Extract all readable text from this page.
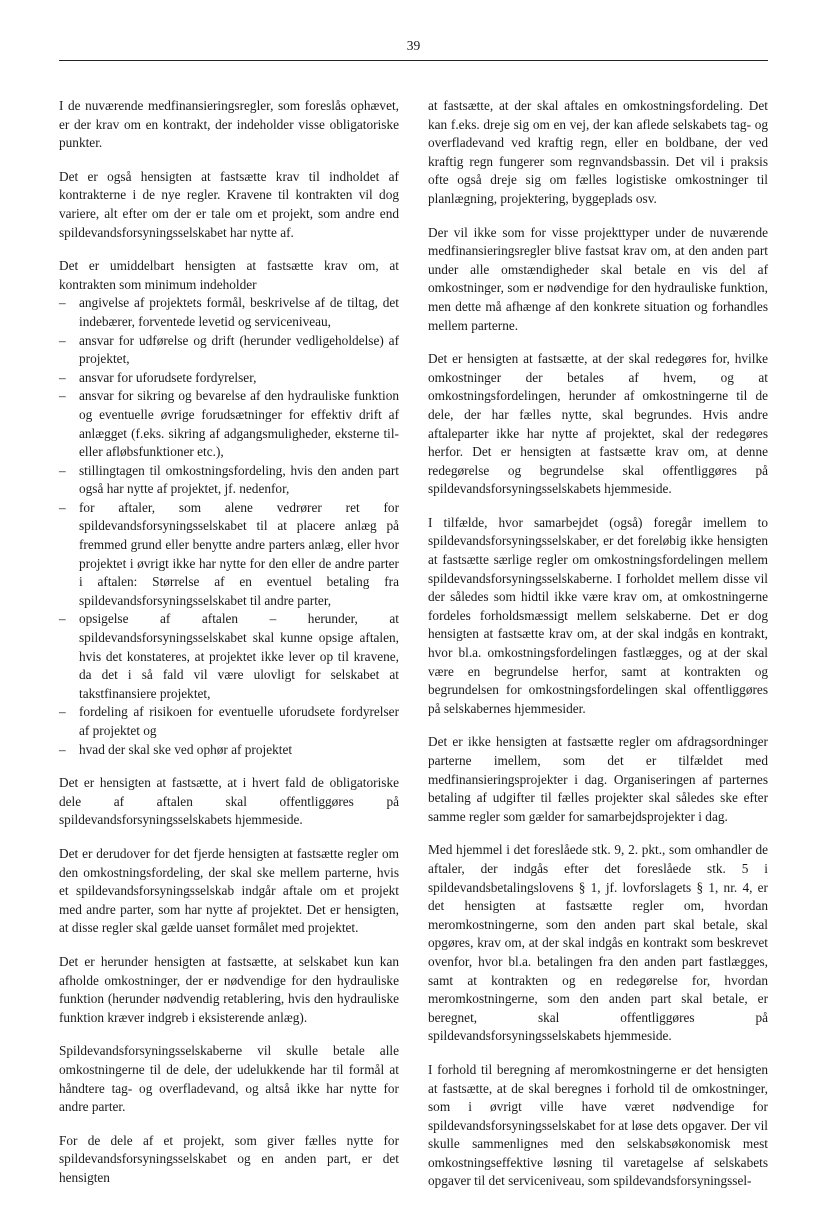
39

I de nuværende medfinansieringsregler, som foreslås ophævet, er der krav om en kontrakt, der indeholder visse obligatoriske punkter.

Det er også hensigten at fastsætte krav til indholdet af kontrakterne i de nye regler. Kravene til kontrakten vil dog variere, alt efter om der er tale om et projekt, som andre end spildevandsforsyningsselskabet har nytte af.

Det er umiddelbart hensigten at fastsætte krav om, at kontrakten som minimum indeholder

– angivelse af projektets formål, beskrivelse af de tiltag, det indebærer, forventede levetid og serviceniveau,
– ansvar for udførelse og drift (herunder vedligeholdelse) af projektet,
– ansvar for uforudsete fordyrelser,
– ansvar for sikring og bevarelse af den hydrauliske funktion og eventuelle øvrige forudsætninger for effektiv drift af anlægget (f.eks. sikring af adgangsmuligheder, eksterne til- eller afløbsfunktioner etc.),
– stillingtagen til omkostningsfordeling, hvis den anden part også har nytte af projektet, jf. nedenfor,
– for aftaler, som alene vedrører ret for spildevandsforsyningsselskabet til at placere anlæg på fremmed grund eller benytte andre parters anlæg, eller hvor projektet i øvrigt ikke har nytte for den eller de andre parter i aftalen: Størrelse af en eventuel betaling fra spildevandsforsyningsselskabet til andre parter,
– opsigelse af aftalen – herunder, at spildevandsforsyningsselskabet skal kunne opsige aftalen, hvis det konstateres, at projektet ikke lever op til kravene, da det i så fald vil være ulovligt for selskabet at takstfinansiere projektet,
– fordeling af risikoen for eventuelle uforudsete fordyrelser af projektet og
– hvad der skal ske ved ophør af projektet

Det er hensigten at fastsætte, at i hvert fald de obligatoriske dele af aftalen skal offentliggøres på spildevandsforsyningsselskabets hjemmeside.

Det er derudover for det fjerde hensigten at fastsætte regler om den omkostningsfordeling, der skal ske mellem parterne, hvis et spildevandsforsyningsselskab indgår aftale om et projekt med andre parter, som har nytte af projektet. Det er hensigten, at disse regler skal gælde uanset formålet med projektet.

Det er herunder hensigten at fastsætte, at selskabet kun kan afholde omkostninger, der er nødvendige for den hydrauliske funktion (herunder nødvendig retablering, hvis den hydrauliske funktion kræver indgreb i eksisterende anlæg).

Spildevandsforsyningsselskaberne vil skulle betale alle omkostningerne til de dele, der udelukkende har til formål at håndtere tag- og overfladevand, og altså ikke har nytte for andre parter.

For de dele af et projekt, som giver fælles nytte for spildevandsforsyningsselskabet og en anden part, er det hensigten

at fastsætte, at der skal aftales en omkostningsfordeling. Det kan f.eks. dreje sig om en vej, der kan aflede selskabets tag- og overfladevand ved kraftig regn, eller en boldbane, der ved kraftig regn fungerer som regnvandsbassin. Det vil i praksis ofte også dreje sig om fælles logistiske omkostninger til planlægning, projektering, byggeplads osv.

Der vil ikke som for visse projekttyper under de nuværende medfinansieringsregler blive fastsat krav om, at den anden part under alle omstændigheder skal betale en vis del af omkostninger, som er nødvendige for den hydrauliske funktion, men dette må afhænge af den konkrete situation og forhandles mellem parterne.

Det er hensigten at fastsætte, at der skal redegøres for, hvilke omkostninger der betales af hvem, og at omkostningsfordelingen, herunder af omkostningerne til de dele, der har fælles nytte, skal begrundes. Hvis andre aftaleparter ikke har nytte af projektet, skal der redegøres herfor. Det er hensigten at fastsætte krav om, at denne redegørelse og begrundelse skal offentliggøres på spildevandsforsyningsselskabets hjemmeside.

I tilfælde, hvor samarbejdet (også) foregår imellem to spildevandsforsyningsselskaber, er det foreløbig ikke hensigten at fastsætte særlige regler om omkostningsfordelingen mellem spildevandsforsyningsselskaberne. I forholdet mellem disse vil der således som hidtil ikke være krav om, at omkostningerne fordeles forholdsmæssigt mellem selskaberne. Det er dog hensigten at fastsætte krav om, at der skal indgås en kontrakt, hvor bl.a. omkostningsfordelingen fastlægges, og at der skal være en begrundelse herfor, samt at kontrakten og begrundelsen for omkostningsfordelingen skal offentliggøres på selskabernes hjemmesider.

Det er ikke hensigten at fastsætte regler om afdragsordninger parterne imellem, som det er tilfældet med medfinansieringsprojekter i dag. Organiseringen af parternes betaling af udgifter til fælles projekter skal således ske efter samme regler som gælder for samarbejdsprojekter i dag.

Med hjemmel i det foreslåede stk. 9, 2. pkt., som omhandler de aftaler, der indgås efter det foreslåede stk. 5 i spildevandsbetalingslovens § 1, jf. lovforslagets § 1, nr. 4, er det hensigten at fastsætte regler om, hvordan meromkostningerne, som den anden part skal betale, skal opgøres, krav om, at der skal indgås en kontrakt som beskrevet ovenfor, hvor bl.a. betalingen fra den anden part fastlægges, samt at kontrakten og en redegørelse for, hvordan meromkostningerne, som den anden part skal betale, er beregnet, skal offentliggøres på spildevandsforsyningsselskabets hjemmeside.

I forhold til beregning af meromkostningerne er det hensigten at fastsætte, at de skal beregnes i forhold til de omkostninger, som i øvrigt ville have været nødvendige for spildevandsforsyningsselskabet for at løse dets opgaver. Der vil skulle sammenlignes med den selskabsøkonomisk mest omkostningseffektive løsning til varetagelse af selskabets opgaver til det serviceniveau, som spildevandsforsyningssel-
